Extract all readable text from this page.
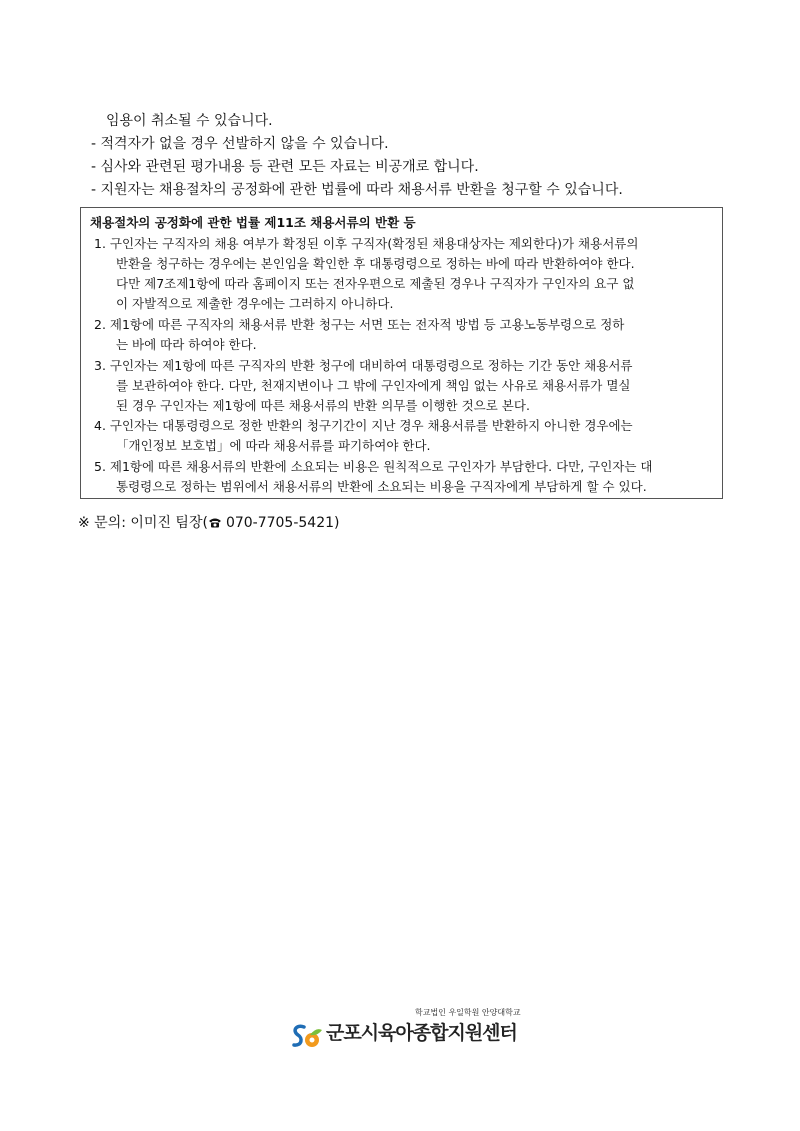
임용이 취소될 수 있습니다.
- 적격자가 없을 경우 선발하지 않을 수 있습니다.
- 심사와 관련된 평가내용 등 관련 모든 자료는 비공개로 합니다.
- 지원자는 채용절차의 공정화에 관한 법률에 따라 채용서류 반환을 청구할 수 있습니다.
채용절차의 공정화에 관한 법률 제11조 채용서류의 반환 등
1. 구인자는 구직자의 채용 여부가 확정된 이후 구직자(확정된 채용대상자는 제외한다)가 채용서류의
반환을 청구하는 경우에는 본인임을 확인한 후 대통령령으로 정하는 바에 따라 반환하여야 한다.
다만 제7조제1항에 따라 홈페이지 또는 전자우편으로 제출된 경우나 구직자가 구인자의 요구 없
이 자발적으로 제출한 경우에는 그러하지 아니하다.
2. 제1항에 따른 구직자의 채용서류 반환 청구는 서면 또는 전자적 방법 등 고용노동부령으로 정하
는 바에 따라 하여야 한다.
3. 구인자는 제1항에 따른 구직자의 반환 청구에 대비하여 대통령령으로 정하는 기간 동안 채용서류
를 보관하여야 한다. 다만, 천재지변이나 그 밖에 구인자에게 책임 없는 사유로 채용서류가 멸실
된 경우 구인자는 제1항에 따른 채용서류의 반환 의무를 이행한 것으로 본다.
4. 구인자는 대통령령으로 정한 반환의 청구기간이 지난 경우 채용서류를 반환하지 아니한 경우에는
「개인정보 보호법」에 따라 채용서류를 파기하여야 한다.
5. 제1항에 따른 채용서류의 반환에 소요되는 비용은 원칙적으로 구인자가 부담한다. 다만, 구인자는 대
통령령으로 정하는 범위에서 채용서류의 반환에 소요되는 비용을 구직자에게 부담하게 할 수 있다.
※ 문의: 이미진 팀장( 070-7705-5421)
학교법인 우일학원 안양대학교
군포시육아종합지원센터
